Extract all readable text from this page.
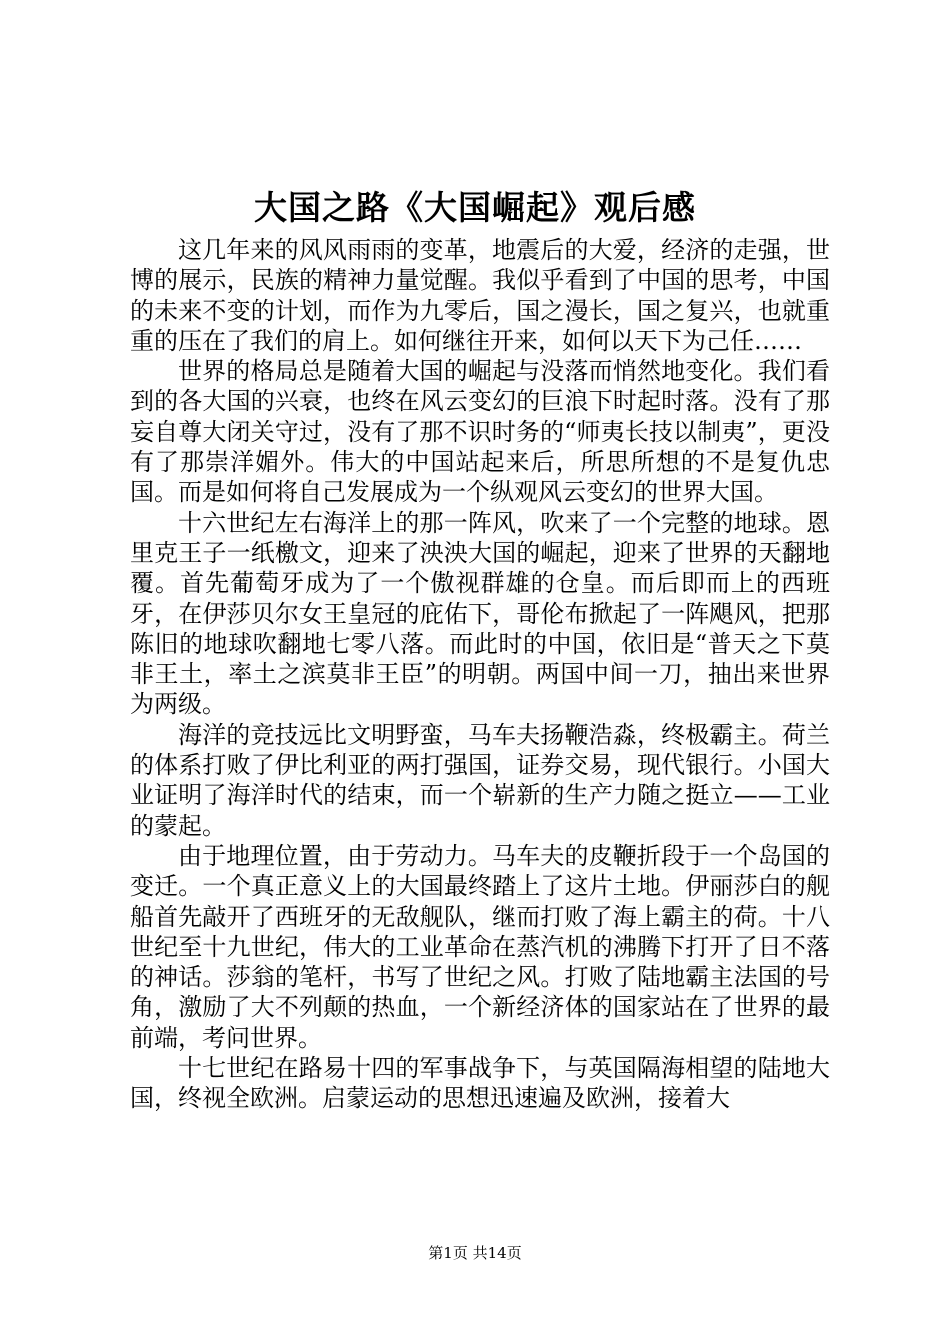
大国之路《大国崛起》观后感

这几年来的风风雨雨的变革，地震后的大爱，经济的走强，世博的展示，民族的精神力量觉醒。我似乎看到了中国的思考，中国的未来不变的计划，而作为九零后，国之漫长，国之复兴，也就重重的压在了我们的肩上。如何继往开来，如何以天下为己任……

世界的格局总是随着大国的崛起与没落而悄然地变化。我们看到的各大国的兴衰，也终在风云变幻的巨浪下时起时落。没有了那妄自尊大闭关守过，没有了那不识时务的“师夷长技以制夷”，更没有了那崇洋媚外。伟大的中国站起来后，所思所想的不是复仇忠国。而是如何将自己发展成为一个纵观风云变幻的世界大国。

十六世纪左右海洋上的那一阵风，吹来了一个完整的地球。恩里克王子一纸檄文，迎来了泱泱大国的崛起，迎来了世界的天翻地覆。首先葡萄牙成为了一个傲视群雄的仓皇。而后即而上的西班牙，在伊莎贝尔女王皇冠的庇佑下，哥伦布掀起了一阵飓风，把那陈旧的地球吹翻地七零八落。而此时的中国，依旧是“普天之下莫非王土，率土之滨莫非王臣”的明朝。两国中间一刀，抽出来世界为两级。

海洋的竞技远比文明野蛮，马车夫扬鞭浩淼，终极霸主。荷兰的体系打败了伊比利亚的两打强国，证券交易，现代银行。小国大业证明了海洋时代的结束，而一个崭新的生产力随之挺立——工业的蒙起。

由于地理位置，由于劳动力。马车夫的皮鞭折段于一个岛国的变迁。一个真正意义上的大国最终踏上了这片土地。伊丽莎白的舰船首先敲开了西班牙的无敌舰队，继而打败了海上霸主的荷。十八世纪至十九世纪，伟大的工业革命在蒸汽机的沸腾下打开了日不落的神话。莎翁的笔杆，书写了世纪之风。打败了陆地霸主法国的号角，激励了大不列颠的热血，一个新经济体的国家站在了世界的最前端，考问世界。

十七世纪在路易十四的军事战争下，与英国隔海相望的陆地大国，终视全欧洲。启蒙运动的思想迅速遍及欧洲，接着大

第1页 共14页
